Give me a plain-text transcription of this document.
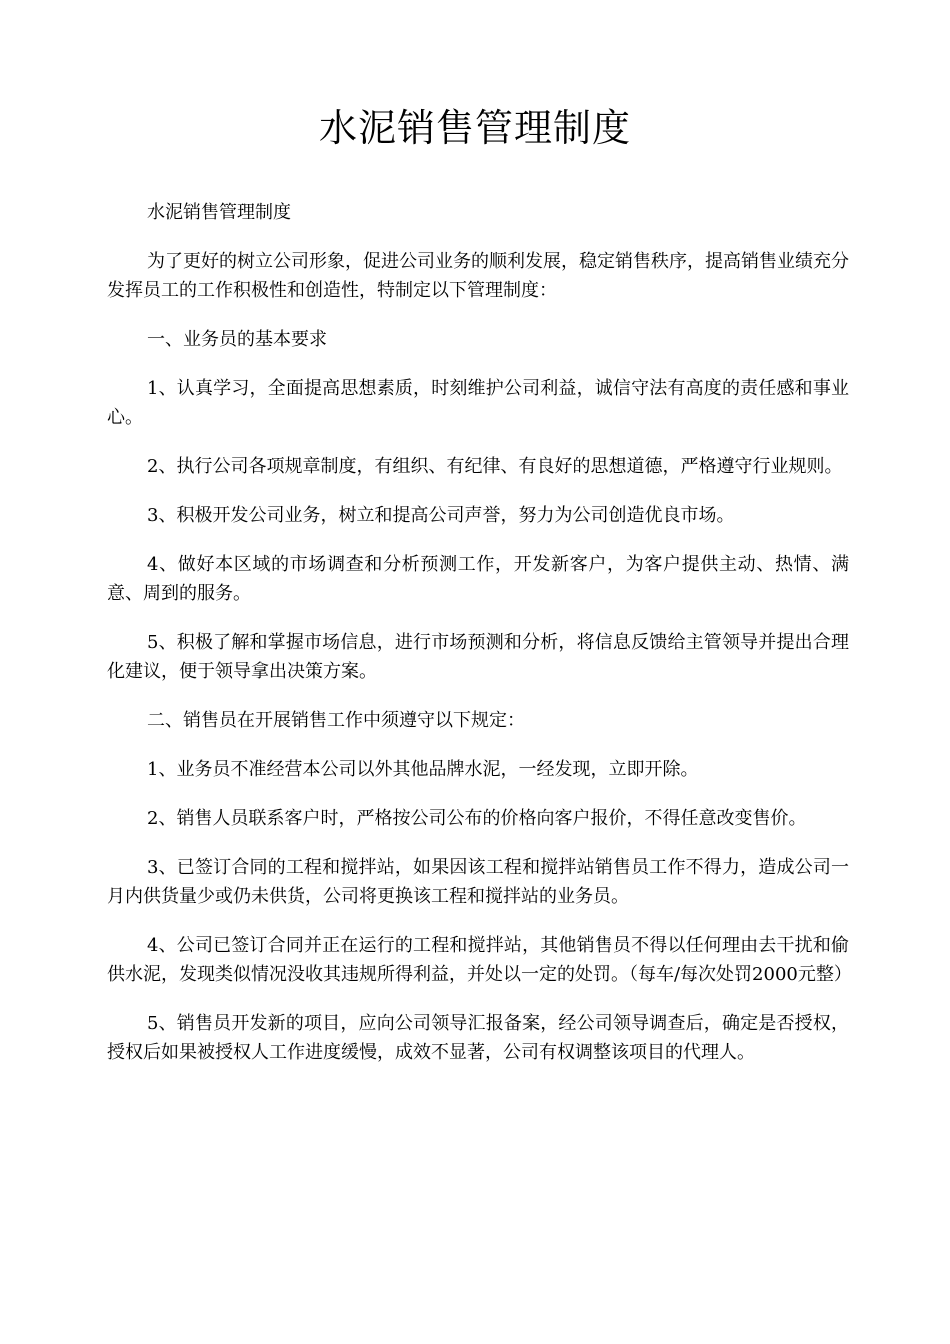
水泥销售管理制度

水泥销售管理制度

为了更好的树立公司形象，促进公司业务的顺利发展，稳定销售秩序，提高销售业绩充分发挥员工的工作积极性和创造性，特制定以下管理制度：

一、业务员的基本要求

1、认真学习，全面提高思想素质，时刻维护公司利益，诚信守法有高度的责任感和事业心。

2、执行公司各项规章制度，有组织、有纪律、有良好的思想道德，严格遵守行业规则。

3、积极开发公司业务，树立和提高公司声誉，努力为公司创造优良市场。

4、做好本区域的市场调查和分析预测工作，开发新客户，为客户提供主动、热情、满意、周到的服务。

5、积极了解和掌握市场信息，进行市场预测和分析，将信息反馈给主管领导并提出合理化建议，便于领导拿出决策方案。

二、销售员在开展销售工作中须遵守以下规定：

1、业务员不准经营本公司以外其他品牌水泥，一经发现，立即开除。

2、销售人员联系客户时，严格按公司公布的价格向客户报价，不得任意改变售价。

3、已签订合同的工程和搅拌站，如果因该工程和搅拌站销售员工作不得力，造成公司一月内供货量少或仍未供货，公司将更换该工程和搅拌站的业务员。

4、公司已签订合同并正在运行的工程和搅拌站，其他销售员不得以任何理由去干扰和偷供水泥，发现类似情况没收其违规所得利益，并处以一定的处罚。（每车/每次处罚2000元整）

5、销售员开发新的项目，应向公司领导汇报备案，经公司领导调查后，确定是否授权，授权后如果被授权人工作进度缓慢，成效不显著，公司有权调整该项目的代理人。
